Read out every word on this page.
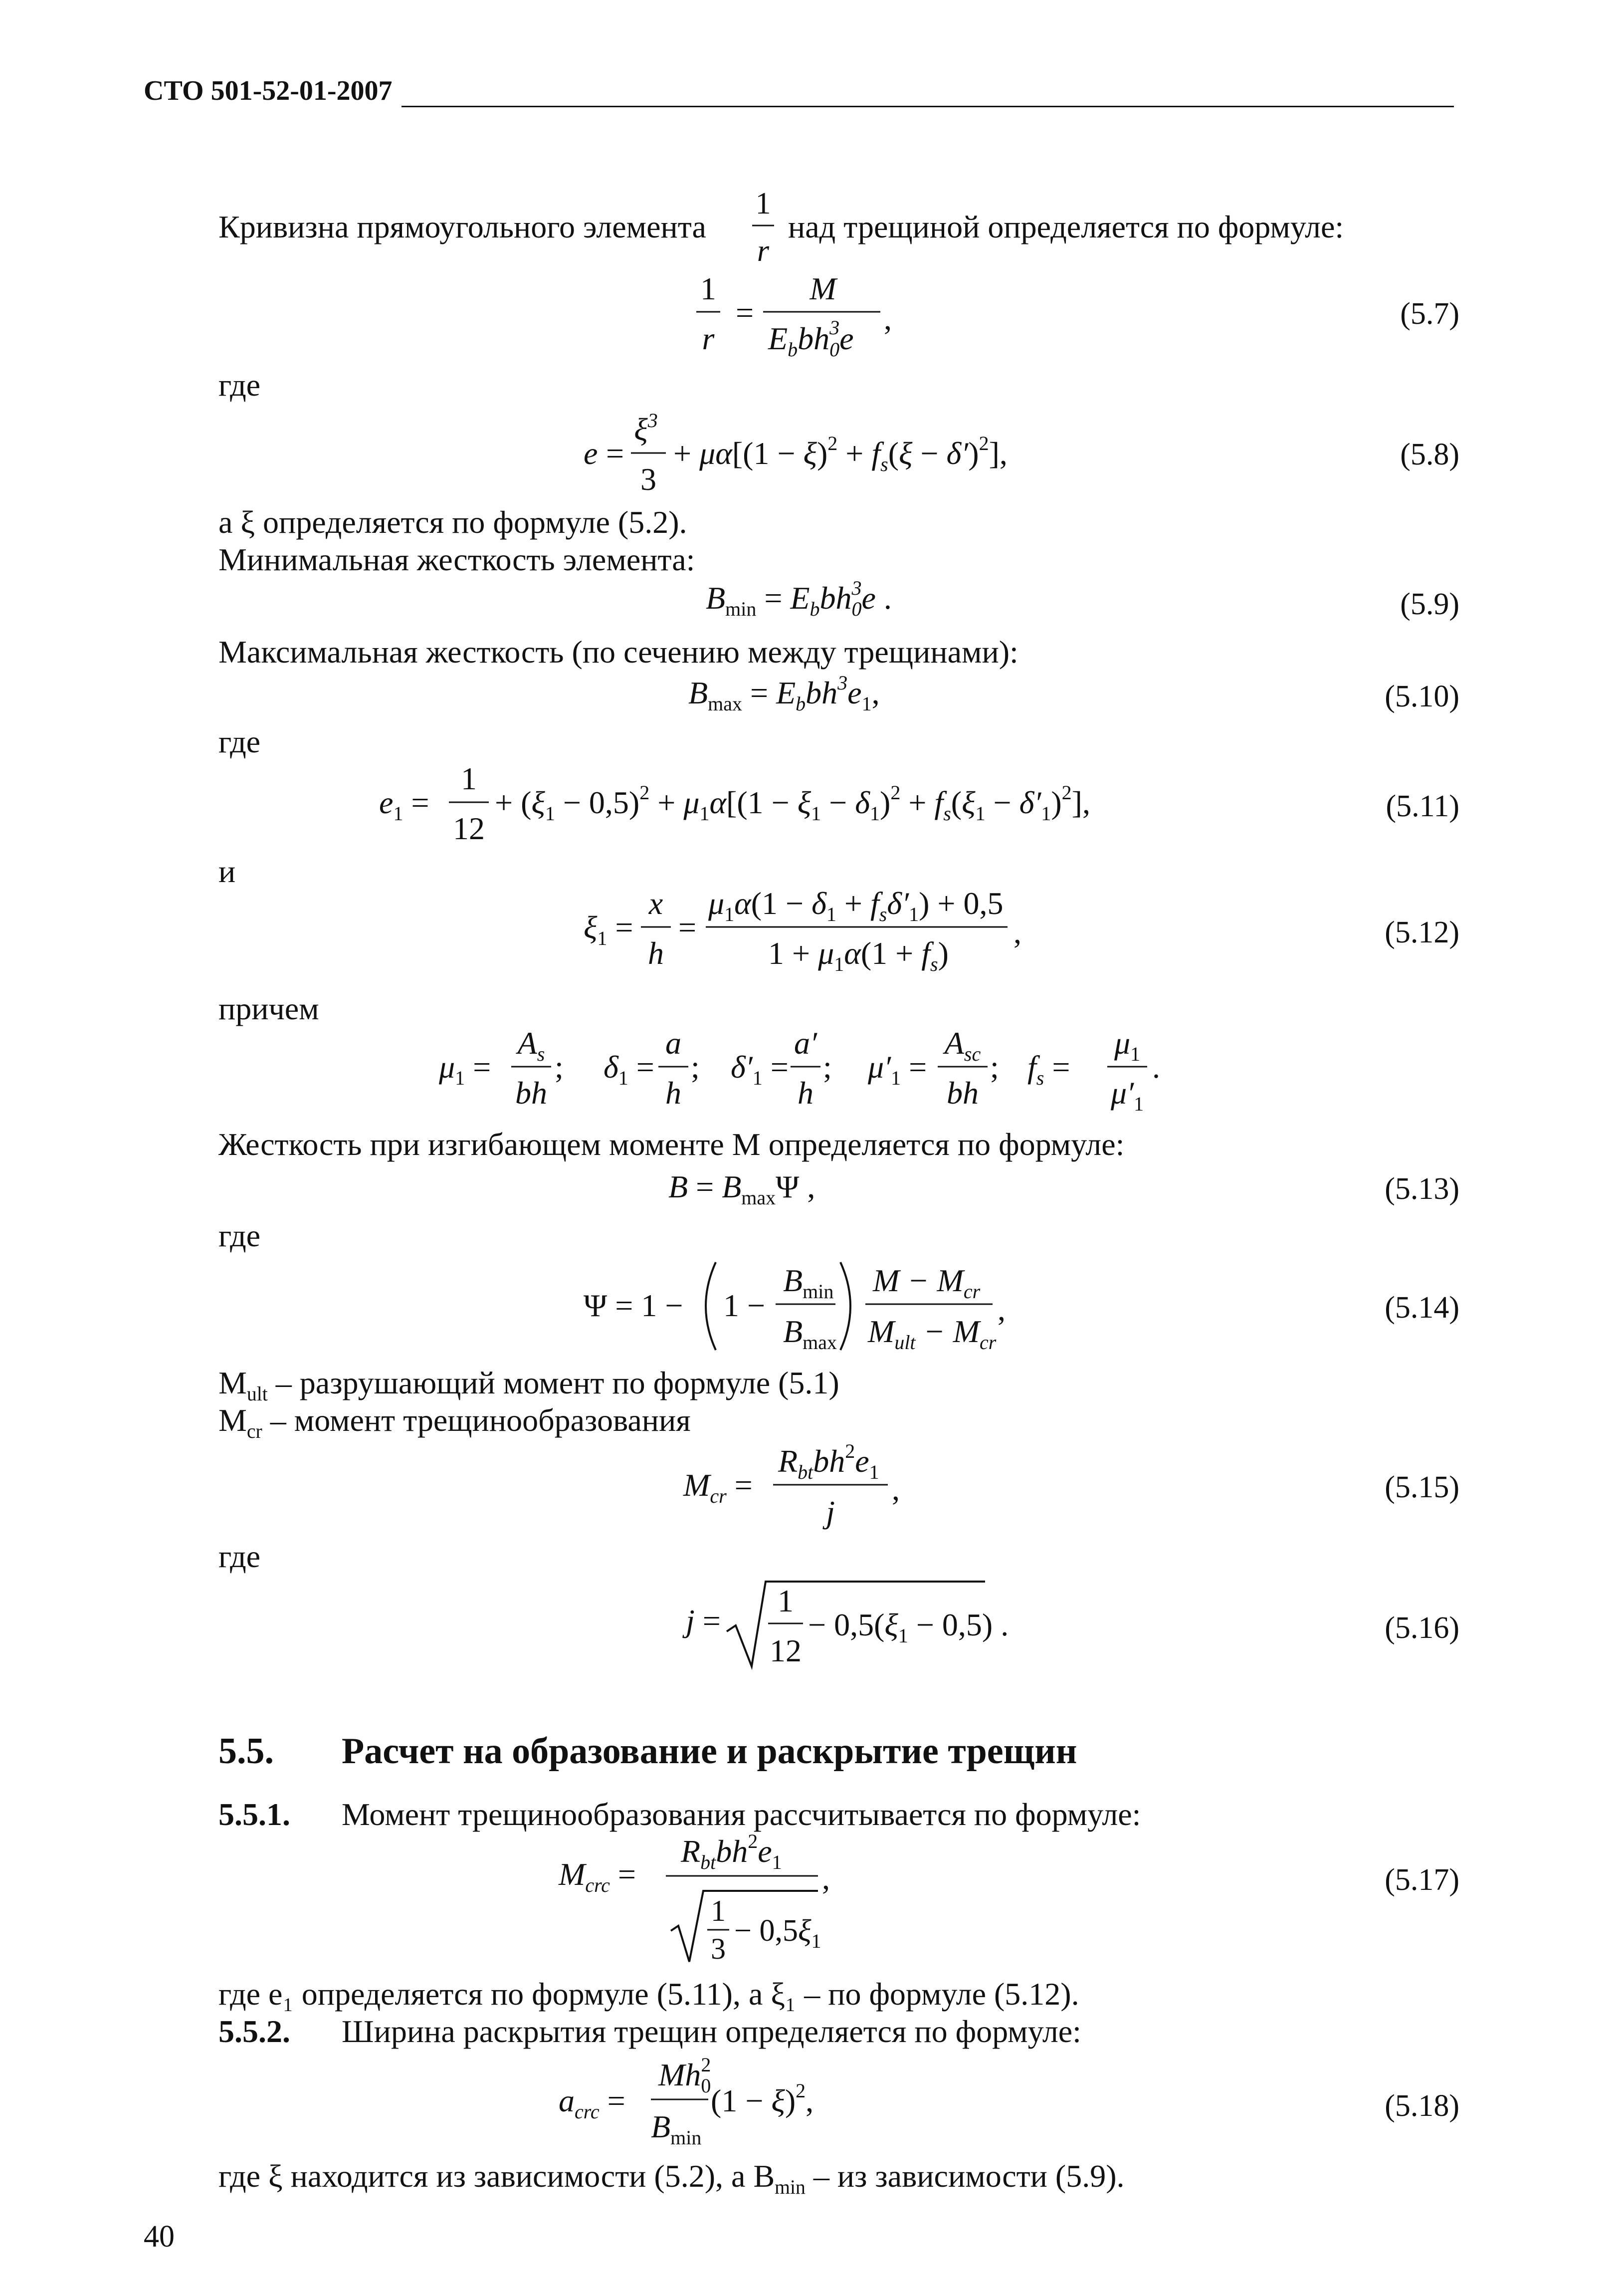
СТО 501-52-01-2007
Кривизна прямоугольного элемента
1
r
над трещиной определяется по формуле:
1
r
=
M
$E_bbh^3$ 0e
,	(5.7)
где
e =
$\xi^3$
3
+ $\mu\alpha[(1 - \xi)^2 + f_s(\xi - \delta')^2]$,	(5.8)
а ξ определяется по формуле (5.2).
Минимальная жесткость элемента:
$B_{min} = E_bbh^3$ 0e .	(5.9)
Максимальная жесткость (по сечению между трещинами):
$B_{max} = E_bbh^3e_1$,	(5.10)
где
$e_1$ =
1
12
+ $(\xi_1 - 0,5)^2 + \mu_1\alpha[(1 - \xi_1 - \delta_1)^2 + f_s(\xi_1 - \delta'_1)^2]$,	(5.11)
и
$\xi_1$ =
x
h
=
$\mu_1\alpha(1 - \delta_1 + f_s\delta'_1) + 0,5$
$1 + \mu_1\alpha(1 + f_s)$
,	(5.12)
причем
$\mu_1$ =
$A_s$
bh
; $\delta_1$ =
a
h
; $\delta'_1$ =
a′
h
; $\mu'_1$ =
$A_{sc}$
bh
; $f_s$ =
$\mu_1$
$\mu'_1$
.
Жесткость при изгибающем моменте М определяется по формуле:
$B = B_{max}\Psi$ ,	(5.13)
где
Ψ = 1 − 1 −
$B_{min}$
$B_{max}$
$M - M_{cr}$
$M_{ult} - M_{cr}$
,	(5.14)
$M_{ult}$ – разрушающий момент по формуле (5.1)
$M_{cr}$ – момент трещинообразования
$M_{cr}$ =
$R_{bt}bh^2e_1$
j
,	(5.15)
где
j =
1
12
− $0,5(\xi_1 - 0,5)$ .	(5.16)
5.5. Расчет на образование и раскрытие трещин
5.5.1. Момент трещинообразования рассчитывается по формуле:
$M_{crc}$ =
$R_{bt}bh^2e_1$
1
3
− $0,5\xi_1$
,	(5.17)
где е₁ определяется по формуле (5.11), а ξ₁ – по формуле (5.12).
5.5.2. Ширина раскрытия трещин определяется по формуле:
$a_{crc}$ =
$Mh^2$ 0
$B_{min}$
$(1 - \xi)^2$,	(5.18)
где ξ находится из зависимости (5.2), а $B_{min}$ – из зависимости (5.9).
40
